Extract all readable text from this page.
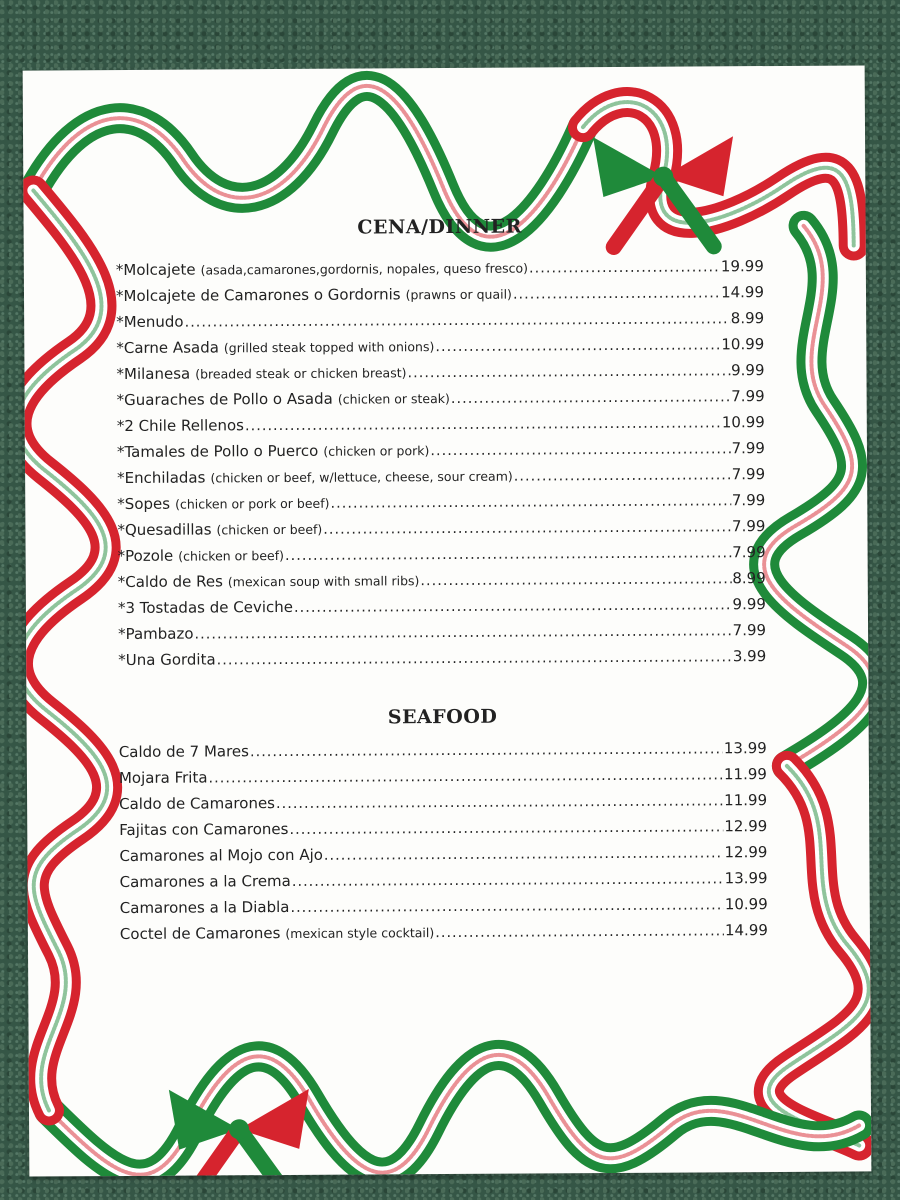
CENA/DINNER
*Molcajete (asada,camarones,gordornis, nopales, queso fresco) .....	19.99
*Molcajete de Camarones o Gordornis (prawns or quail) .....	14.99
*Menudo .....	8.99
*Carne Asada (grilled steak topped with onions) .....	10.99
*Milanesa (breaded steak or chicken breast) .....	9.99
*Guaraches de Pollo o Asada (chicken or steak) .....	7.99
*2 Chile Rellenos .....	10.99
*Tamales de Pollo o Puerco (chicken or pork) .....	7.99
*Enchiladas (chicken or beef, w/lettuce, cheese, sour cream) .....	7.99
*Sopes (chicken or pork or beef) .....	7.99
*Quesadillas (chicken or beef) .....	7.99
*Pozole (chicken or beef) .....	7.99
*Caldo de Res (mexican soup with small ribs) .....	8.99
*3 Tostadas de Ceviche .....	9.99
*Pambazo .....	7.99
*Una Gordita .....	3.99
SEAFOOD
Caldo de 7 Mares .....	13.99
Mojara Frita .....	11.99
Caldo de Camarones .....	11.99
Fajitas con Camarones .....	12.99
Camarones al Mojo con Ajo .....	12.99
Camarones a la Crema .....	13.99
Camarones a la Diabla .....	10.99
Coctel de Camarones (mexican style cocktail) .....	14.99
